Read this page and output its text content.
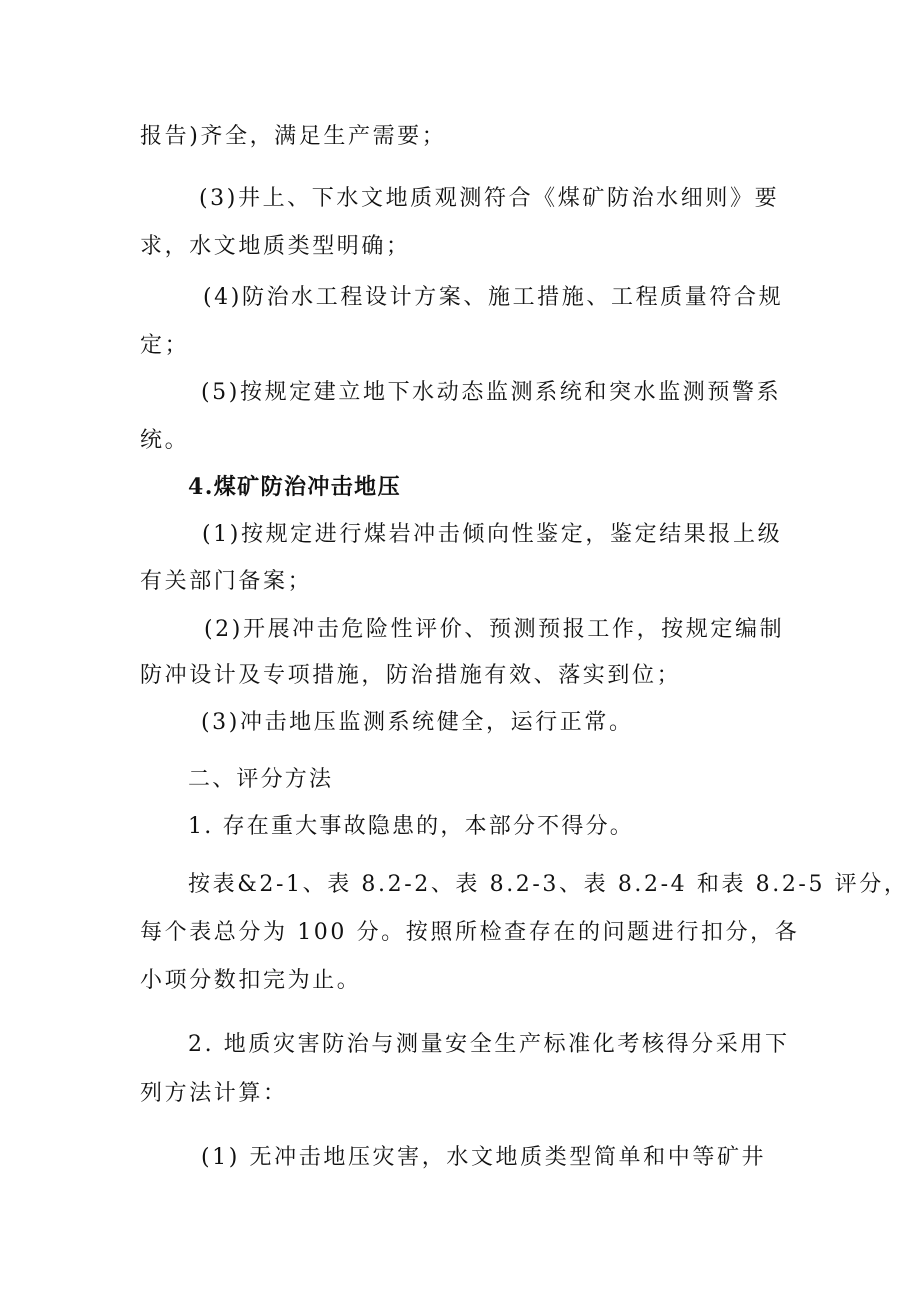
报告)齐全，满足生产需要；
(3)井上、下水文地质观测符合《煤矿防治水细则》要
求，水文地质类型明确；
(4)防治水工程设计方案、施工措施、工程质量符合规
定；
(5)按规定建立地下水动态监测系统和突水监测预警系
统。
4.煤矿防治冲击地压
(1)按规定进行煤岩冲击倾向性鉴定，鉴定结果报上级
有关部门备案；
(2)开展冲击危险性评价、预测预报工作，按规定编制
防冲设计及专项措施，防治措施有效、落实到位；
(3)冲击地压监测系统健全，运行正常。
二、评分方法
1. 存在重大事故隐患的，本部分不得分。
按表&2-1、表 8.2-2、表 8.2-3、表 8.2-4 和表 8.2-5 评分，
每个表总分为 100 分。按照所检查存在的问题进行扣分，各
小项分数扣完为止。
2. 地质灾害防治与测量安全生产标准化考核得分采用下
列方法计算：
(1) 无冲击地压灾害，水文地质类型简单和中等矿井
